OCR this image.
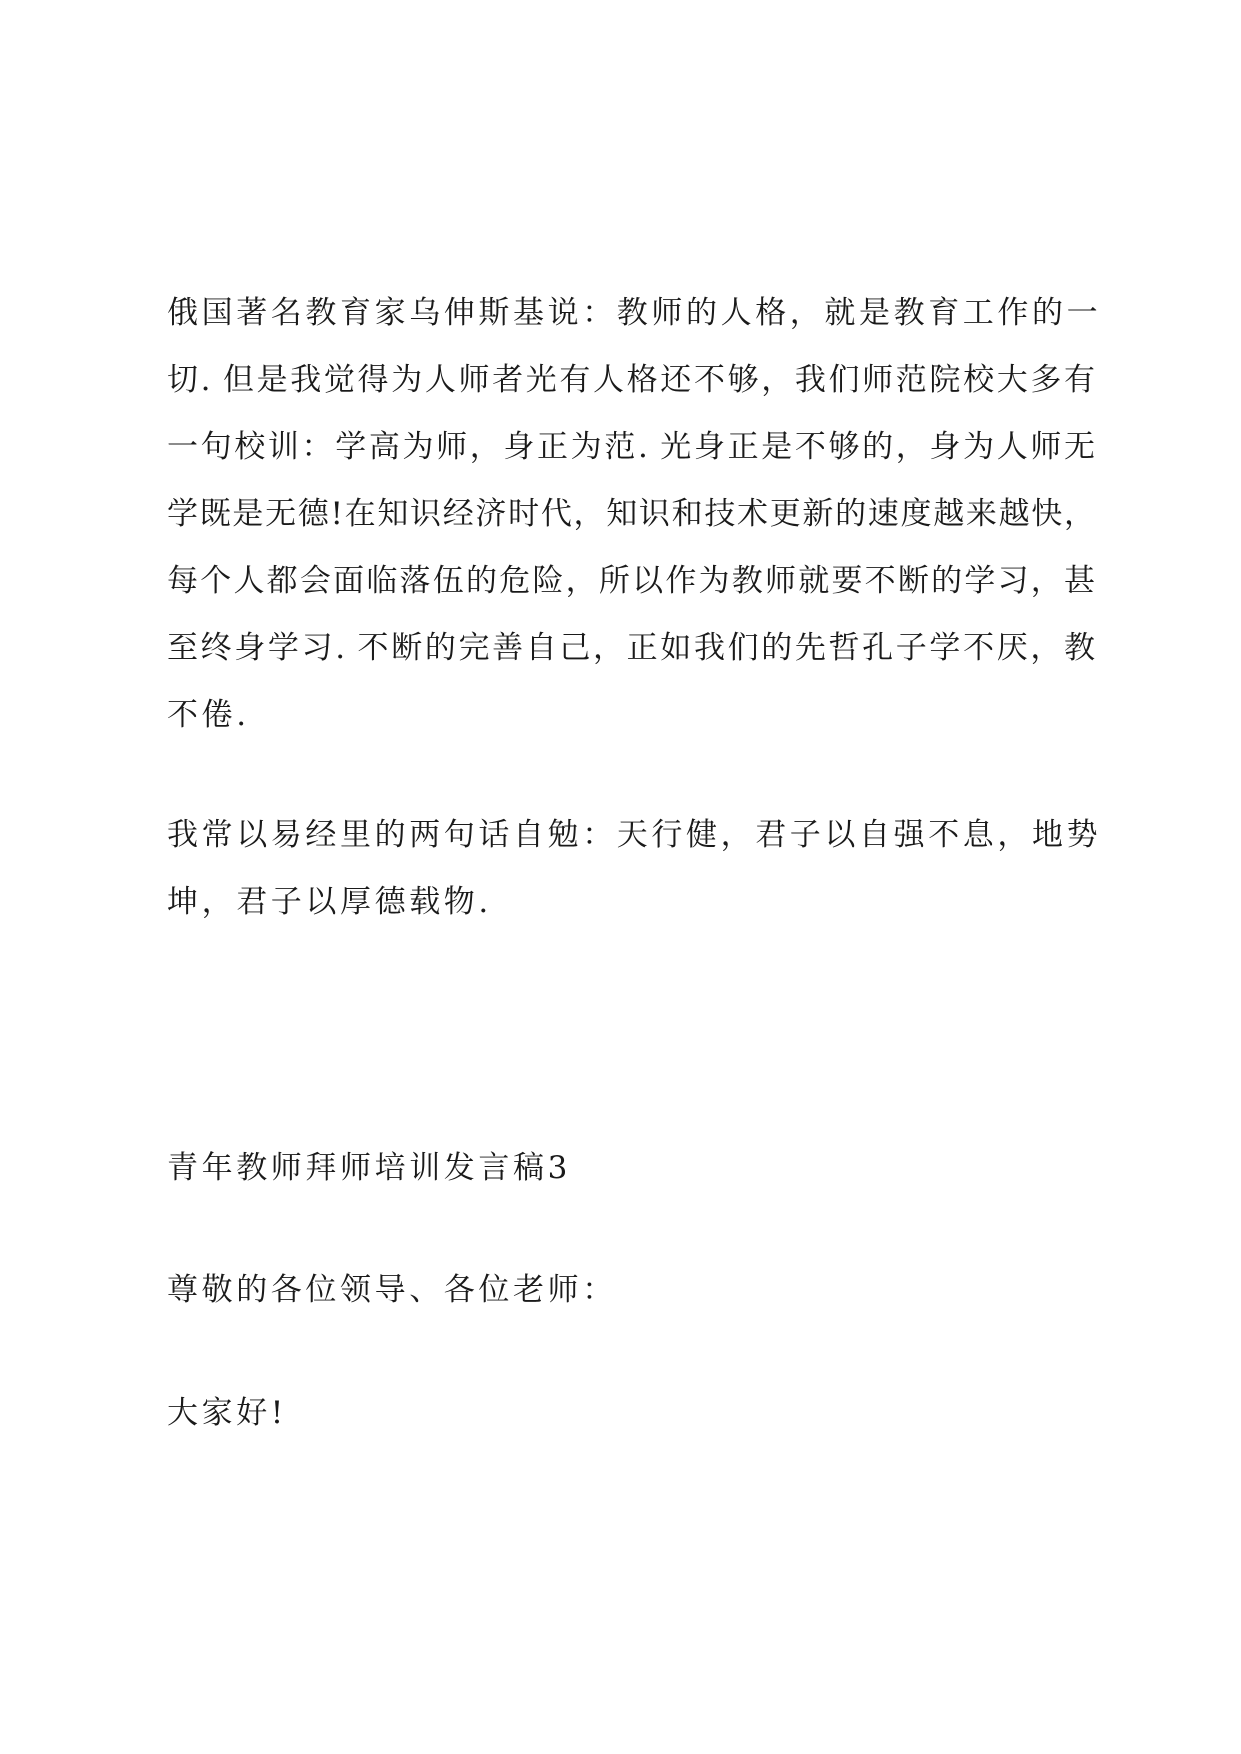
俄国著名教育家乌伸斯基说：教师的人格，就是教育工作的一
切. 但是我觉得为人师者光有人格还不够，我们师范院校大多有
一句校训：学高为师，身正为范. 光身正是不够的，身为人师无
学既是无德!在知识经济时代，知识和技术更新的速度越来越快，
每个人都会面临落伍的危险，所以作为教师就要不断的学习，甚
至终身学习. 不断的完善自己，正如我们的先哲孔子学不厌，教
不倦.
我常以易经里的两句话自勉：天行健，君子以自强不息，地势
坤，君子以厚德载物.
青年教师拜师培训发言稿3
尊敬的各位领导、各位老师：
大家好!
